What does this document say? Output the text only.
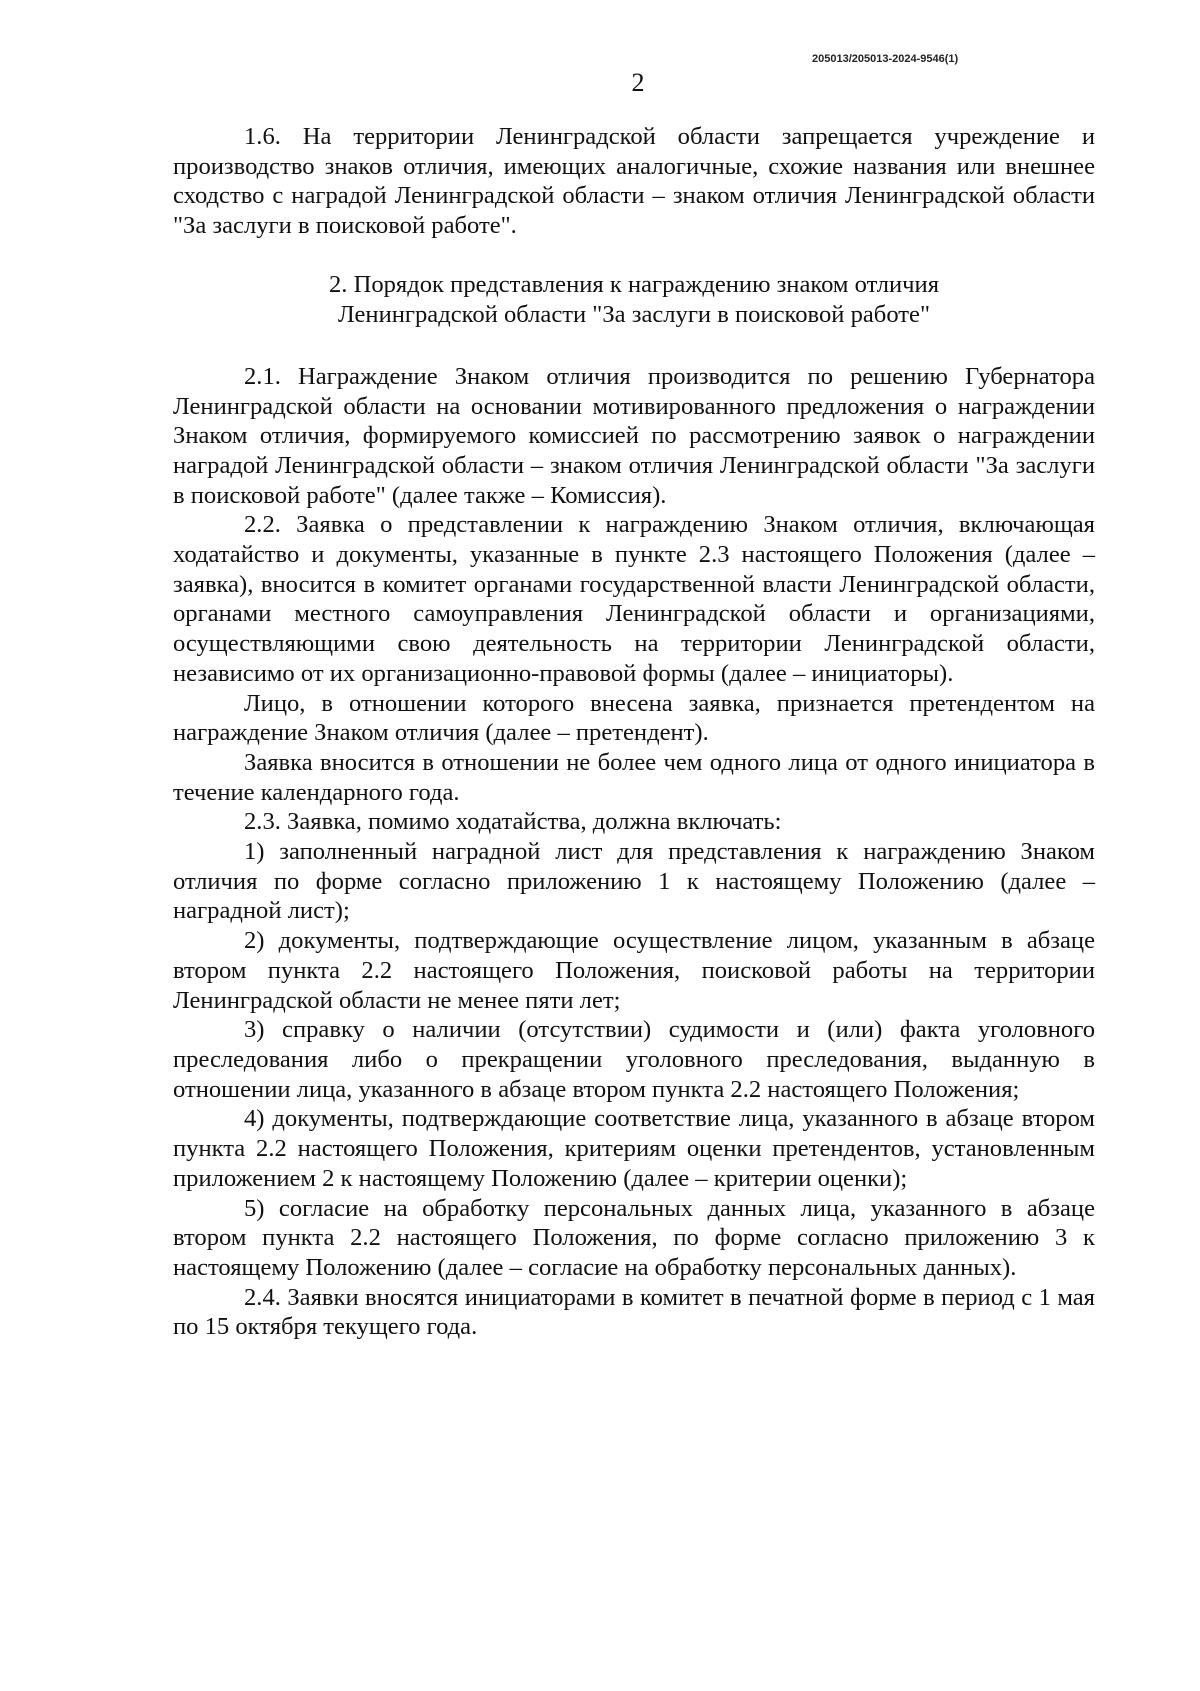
205013/205013-2024-9546(1)
2

1.6. На территории Ленинградской области запрещается учреждение и производство знаков отличия, имеющих аналогичные, схожие названия или внешнее сходство с наградой Ленинградской области – знаком отличия Ленинградской области "За заслуги в поисковой работе".

2. Порядок представления к награждению знаком отличия
Ленинградской области "За заслуги в поисковой работе"

2.1. Награждение Знаком отличия производится по решению Губернатора Ленинградской области на основании мотивированного предложения о награждении Знаком отличия, формируемого комиссией по рассмотрению заявок о награждении наградой Ленинградской области – знаком отличия Ленинградской области "За заслуги в поисковой работе" (далее также – Комиссия).

2.2. Заявка о представлении к награждению Знаком отличия, включающая ходатайство и документы, указанные в пункте 2.3 настоящего Положения (далее – заявка), вносится в комитет органами государственной власти Ленинградской области, органами местного самоуправления Ленинградской области и организациями, осуществляющими свою деятельность на территории Ленинградской области, независимо от их организационно-правовой формы (далее – инициаторы).

Лицо, в отношении которого внесена заявка, признается претендентом на награждение Знаком отличия (далее – претендент).

Заявка вносится в отношении не более чем одного лица от одного инициатора в течение календарного года.

2.3. Заявка, помимо ходатайства, должна включать:

1) заполненный наградной лист для представления к награждению Знаком отличия по форме согласно приложению 1 к настоящему Положению (далее – наградной лист);

2) документы, подтверждающие осуществление лицом, указанным в абзаце втором пункта 2.2 настоящего Положения, поисковой работы на территории Ленинградской области не менее пяти лет;

3) справку о наличии (отсутствии) судимости и (или) факта уголовного преследования либо о прекращении уголовного преследования, выданную в отношении лица, указанного в абзаце втором пункта 2.2 настоящего Положения;

4) документы, подтверждающие соответствие лица, указанного в абзаце втором пункта 2.2 настоящего Положения, критериям оценки претендентов, установленным приложением 2 к настоящему Положению (далее – критерии оценки);

5) согласие на обработку персональных данных лица, указанного в абзаце втором пункта 2.2 настоящего Положения, по форме согласно приложению 3 к настоящему Положению (далее – согласие на обработку персональных данных).

2.4. Заявки вносятся инициаторами в комитет в печатной форме в период с 1 мая по 15 октября текущего года.
